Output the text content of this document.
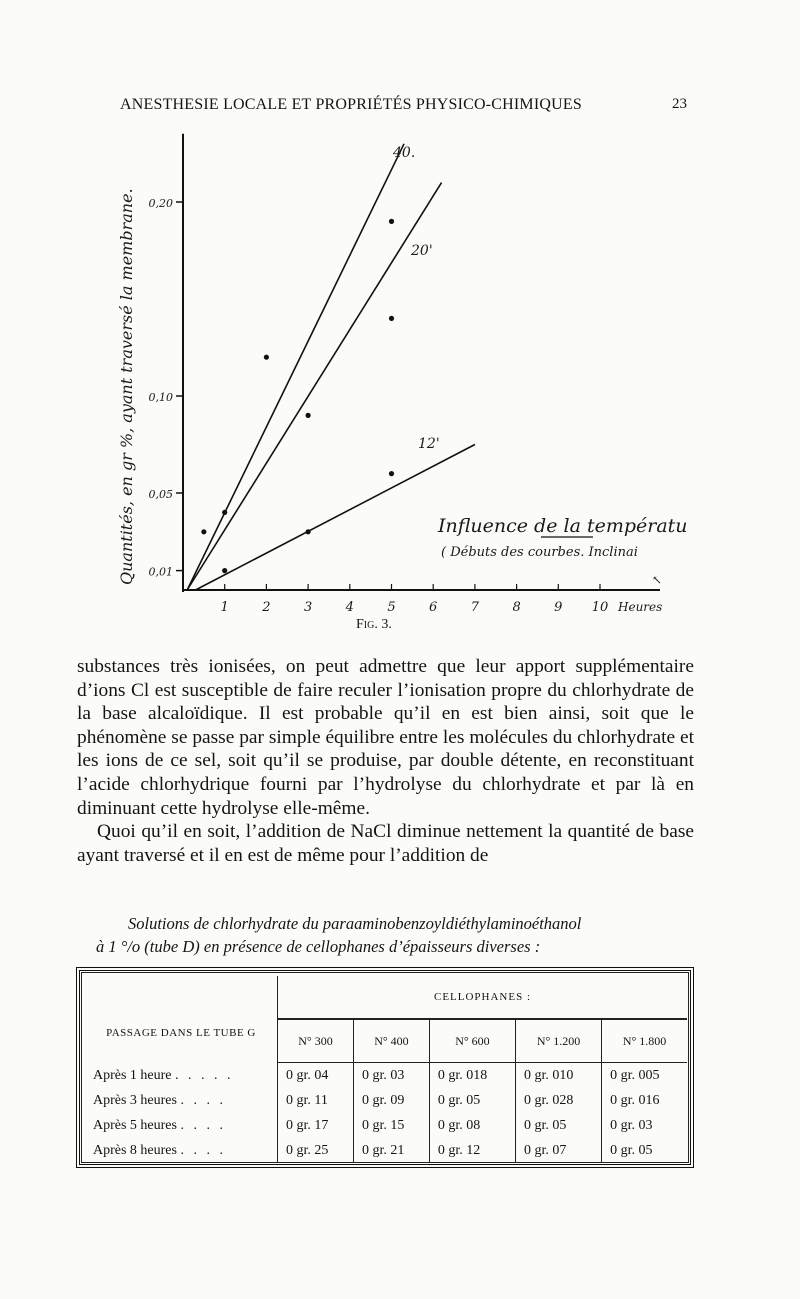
ANESTHESIE LOCALE ET PROPRIÉTÉS PHYSICO-CHIMIQUES	23
↖
0,01
0,05
0,10
0,20
1	2	3	4	5	6	7	8	9 10 Heures
Quantités, en gr %, ayant traversé la membrane.
40.
20'
12'
Influence de la températu
( Débuts des courbes. Inclinai
Fig. 3.

substances très ionisées, on peut admettre que leur apport supplémentaire d’ions Cl est susceptible de faire reculer l’ionisation propre du chlorhydrate de la base alcaloïdique. Il est probable qu’il en est bien ainsi, soit que le phénomène se passe par simple équilibre entre les molécules du chlorhydrate et les ions de ce sel, soit qu’il se produise, par double détente, en reconstituant l’acide chlorhydrique fourni par l’hydrolyse du chlorhydrate et par là en diminuant cette hydrolyse elle-même.

Quoi qu’il en soit, l’addition de NaCl diminue nettement la quantité de base ayant traversé et il en est de même pour l’addition de

Solutions de chlorhydrate du paraaminobenzoyldiéthylaminoéthanol
à 1 °/o (tube D) en présence de cellophanes d’épaisseurs diverses :
PASSAGE DANS LE TUBE G	CELLOPHANES :				
	N° 300	N° 400	N° 600	N° 1.200	N° 1.800
Après 1 heure . . . . .	0 gr. 04	0 gr. 03	0 gr. 018	0 gr. 010	0 gr. 005
Après 3 heures . . . .	0 gr. 11	0 gr. 09	0 gr. 05	0 gr. 028	0 gr. 016
Après 5 heures . . . .	0 gr. 17	0 gr. 15	0 gr. 08	0 gr. 05	0 gr. 03
Après 8 heures . . . .	0 gr. 25	0 gr. 21	0 gr. 12	0 gr. 07	0 gr. 05
